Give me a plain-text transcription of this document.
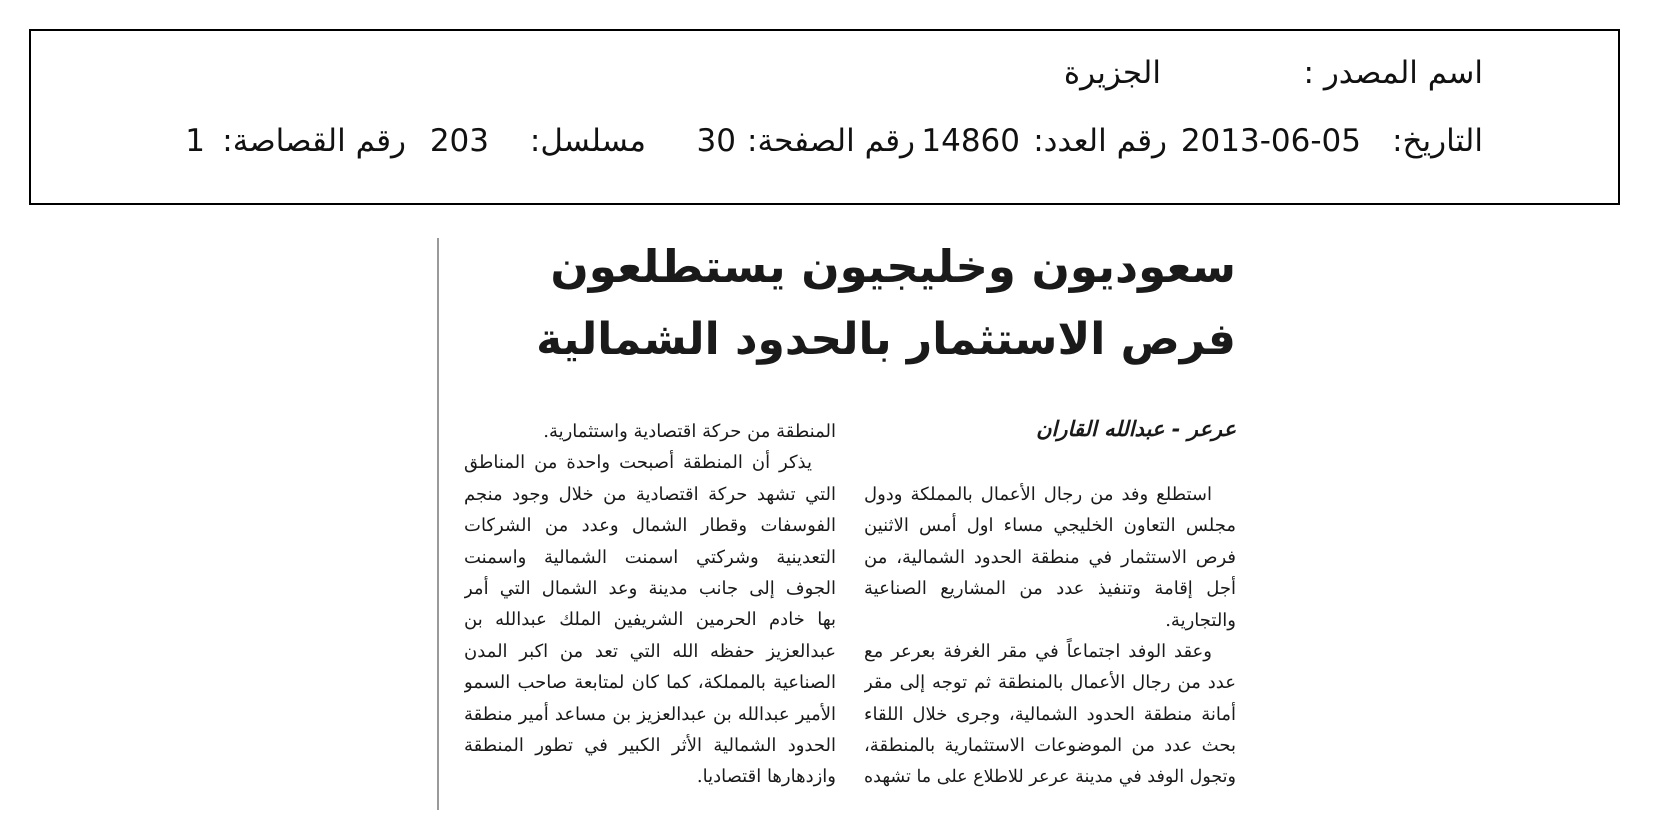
اسم المصدر :
الجزيرة
التاريخ:
2013-06-05
رقم العدد:
14860
رقم الصفحة:
30
مسلسل:
203
رقم القصاصة:
1
سعوديون وخليجيون يستطلعون
فرص الاستثمار بالحدود الشمالية
عرعر - عبدالله القاران
استطلع وفد من رجال الأعمال بالمملكة ودول
مجلس التعاون الخليجي مساء اول أمس الاثنين
فرص الاستثمار في منطقة الحدود الشمالية، من
أجل إقامة وتنفيذ عدد من المشاريع الصناعية
والتجارية.
وعقد الوفد اجتماعاً في مقر الغرفة بعرعر مع
عدد من رجال الأعمال بالمنطقة ثم توجه إلى مقر
أمانة منطقة الحدود الشمالية، وجرى خلال اللقاء
بحث عدد من الموضوعات الاستثمارية بالمنطقة،
وتجول الوفد في مدينة عرعر للاطلاع على ما تشهده
المنطقة من حركة اقتصادية واستثمارية.
يذكر أن المنطقة أصبحت واحدة من المناطق
التي تشهد حركة اقتصادية من خلال وجود منجم
الفوسفات وقطار الشمال وعدد من الشركات
التعدينية وشركتي اسمنت الشمالية واسمنت
الجوف إلى جانب مدينة وعد الشمال التي أمر
بها خادم الحرمين الشريفين الملك عبدالله بن
عبدالعزيز حفظه الله التي تعد من اكبر المدن
الصناعية بالمملكة، كما كان لمتابعة صاحب السمو
الأمير عبدالله بن عبدالعزيز بن مساعد أمير منطقة
الحدود الشمالية الأثر الكبير في تطور المنطقة
وازدهارها اقتصاديا.
